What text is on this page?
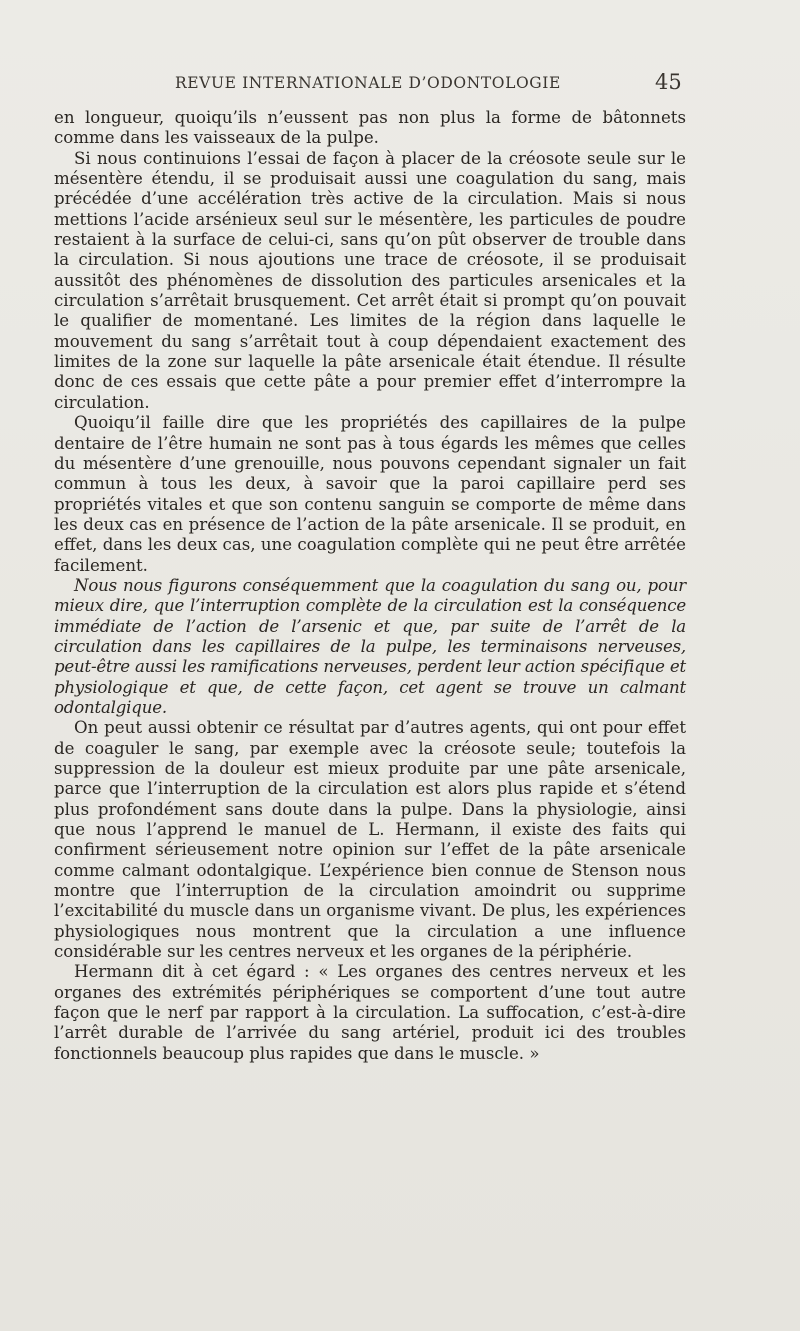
REVUE INTERNATIONALE D’ODONTOLOGIE	45

en longueur, quoiqu’ils n’eussent pas non plus la forme de bâtonnets comme dans les vaisseaux de la pulpe.

Si nous continuions l’essai de façon à placer de la créosote seule sur le mésentère étendu, il se produisait aussi une coagulation du sang, mais précédée d’une accélération très active de la circulation. Mais si nous mettions l’acide arsénieux seul sur le mésentère, les particules de poudre restaient à la surface de celui-ci, sans qu’on pût observer de trouble dans la circulation. Si nous ajoutions une trace de créosote, il se produisait aussitôt des phénomènes de dissolution des particules arsenicales et la circulation s’arrêtait brusquement. Cet arrêt était si prompt qu’on pouvait le qualifier de momentané. Les limites de la région dans laquelle le mouvement du sang s’arrêtait tout à coup dépendaient exactement des limites de la zone sur laquelle la pâte arsenicale était étendue. Il résulte donc de ces essais que cette pâte a pour premier effet d’interrompre la circulation.

Quoiqu’il faille dire que les propriétés des capillaires de la pulpe dentaire de l’être humain ne sont pas à tous égards les mêmes que celles du mésentère d’une grenouille, nous pouvons cependant signaler un fait commun à tous les deux, à savoir que la paroi capillaire perd ses propriétés vitales et que son contenu sanguin se comporte de même dans les deux cas en présence de l’action de la pâte arsenicale. Il se produit, en effet, dans les deux cas, une coagulation complète qui ne peut être arrêtée facilement.

Nous nous figurons conséquemment que la coagulation du sang ou, pour mieux dire, que l’interruption complète de la circulation est la conséquence immédiate de l’action de l’arsenic et que, par suite de l’arrêt de la circulation dans les capillaires de la pulpe, les terminaisons nerveuses, peut-être aussi les ramifications nerveuses, perdent leur action spécifique et physiologique et que, de cette façon, cet agent se trouve un calmant odontalgique.

On peut aussi obtenir ce résultat par d’autres agents, qui ont pour effet de coaguler le sang, par exemple avec la créosote seule; toutefois la suppression de la douleur est mieux produite par une pâte arsenicale, parce que l’interruption de la circulation est alors plus rapide et s’étend plus profondément sans doute dans la pulpe. Dans la physiologie, ainsi que nous l’apprend le manuel de L. Hermann, il existe des faits qui confirment sérieusement notre opinion sur l’effet de la pâte arsenicale comme calmant odontalgique. L’expérience bien connue de Stenson nous montre que l’interruption de la circulation amoindrit ou supprime l’excitabilité du muscle dans un organisme vivant. De plus, les expériences physiologiques nous montrent que la circulation a une influence considérable sur les centres nerveux et les organes de la périphérie.

Hermann dit à cet égard : « Les organes des centres nerveux et les organes des extrémités périphériques se comportent d’une tout autre façon que le nerf par rapport à la circulation. La suffocation, c’est-à-dire l’arrêt durable de l’arrivée du sang artériel, produit ici des troubles fonctionnels beaucoup plus rapides que dans le muscle. »
